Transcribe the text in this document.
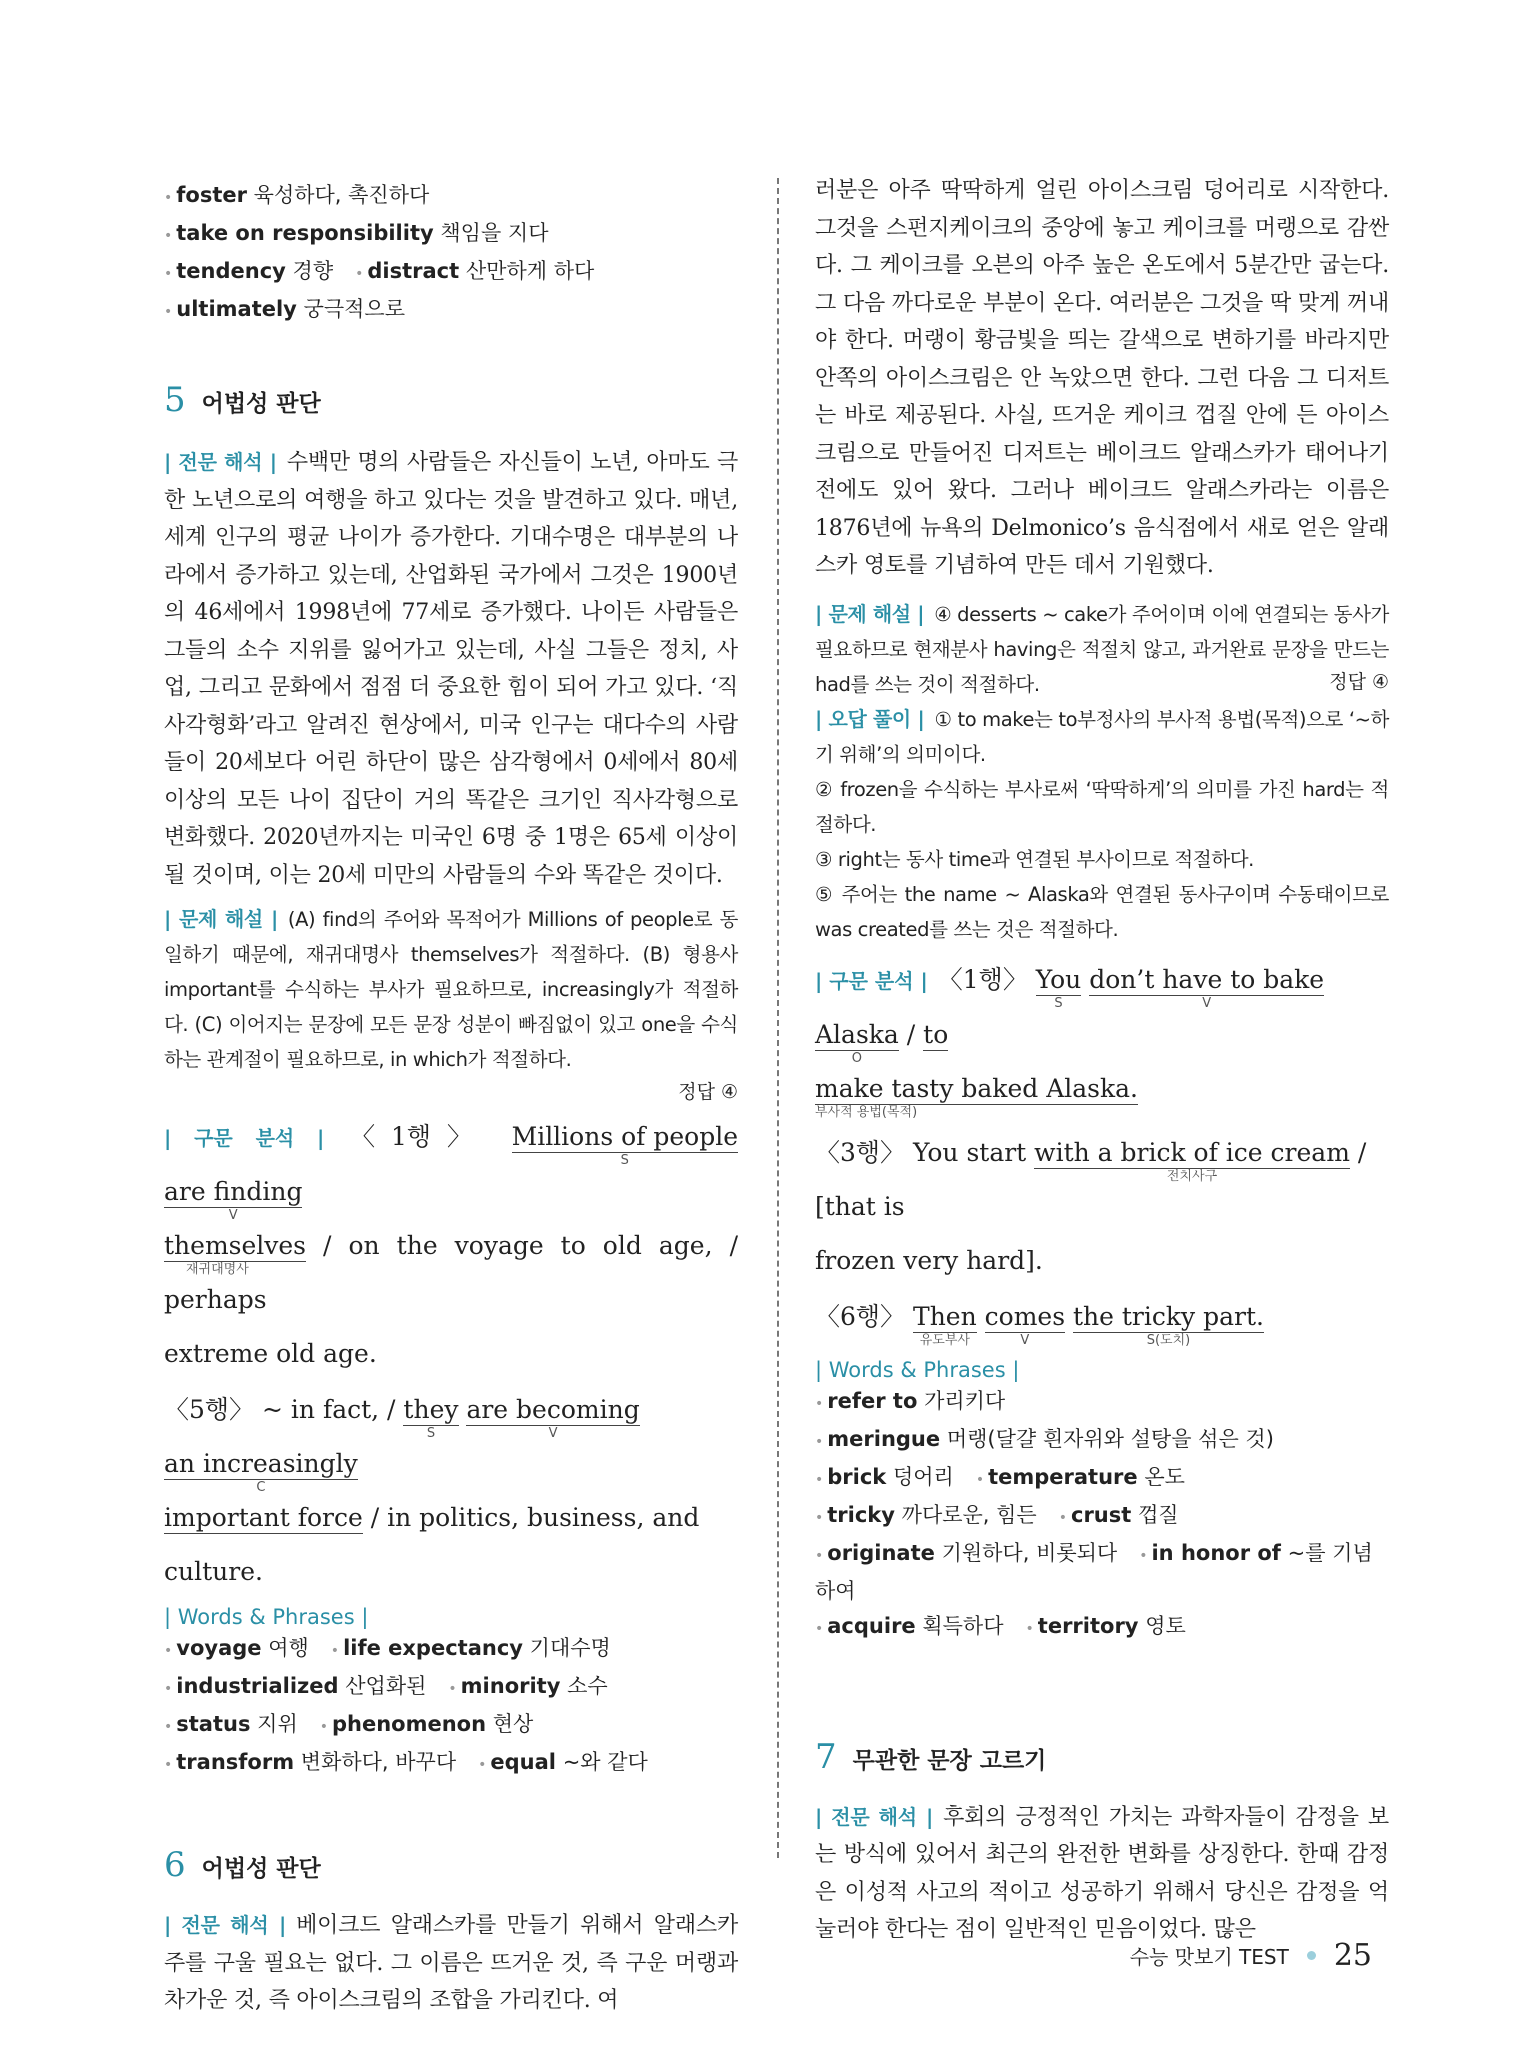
• foster 육성하다, 촉진하다
• take on responsibility 책임을 지다
• tendency 경향 • distract 산만하게 하다
• ultimately 궁극적으로
5 어법성 판단
| 전문 해석 | 수백만 명의 사람들은 자신들이 노년, 아마도 극한 노년으로의 여행을 하고 있다는 것을 발견하고 있다. 매년, 세계 인구의 평균 나이가 증가한다. 기대수명은 대부분의 나라에서 증가하고 있는데, 산업화된 국가에서 그것은 1900년의 46세에서 1998년에 77세로 증가했다. 나이든 사람들은 그들의 소수 지위를 잃어가고 있는데, 사실 그들은 정치, 사업, 그리고 문화에서 점점 더 중요한 힘이 되어 가고 있다. ‘직사각형화’라고 알려진 현상에서, 미국 인구는 대다수의 사람들이 20세보다 어린 하단이 많은 삼각형에서 0세에서 80세 이상의 모든 나이 집단이 거의 똑같은 크기인 직사각형으로 변화했다. 2020년까지는 미국인 6명 중 1명은 65세 이상이 될 것이며, 이는 20세 미만의 사람들의 수와 똑같은 것이다.
| 문제 해설 | (A) find의 주어와 목적어가 Millions of people로 동일하기 때문에, 재귀대명사 themselves가 적절하다. (B) 형용사 important를 수식하는 부사가 필요하므로, increasingly가 적절하다. (C) 이어지는 문장에 모든 문장 성분이 빠짐없이 있고 one을 수식하는 관계절이 필요하므로, in which가 적절하다.
정답 ④
| 구문 분석 | 〈1행〉 Millions of people
S
are finding
V

themselves
재귀대명사
/ on the voyage to old age, / perhaps
extreme old age.
〈5행〉 ~ in fact, / they
S
are becoming
V
an increasingly
C

important force / in politics, business, and culture.
| Words & Phrases |
• voyage 여행 • life expectancy 기대수명
• industrialized 산업화된 • minority 소수
• status 지위 • phenomenon 현상
• transform 변화하다, 바꾸다 • equal ~와 같다
6 어법성 판단
| 전문 해석 | 베이크드 알래스카를 만들기 위해서 알래스카 주를 구울 필요는 없다. 그 이름은 뜨거운 것, 즉 구운 머랭과 차가운 것, 즉 아이스크림의 조합을 가리킨다. 여
러분은 아주 딱딱하게 얼린 아이스크림 덩어리로 시작한다. 그것을 스펀지케이크의 중앙에 놓고 케이크를 머랭으로 감싼다. 그 케이크를 오븐의 아주 높은 온도에서 5분간만 굽는다. 그 다음 까다로운 부분이 온다. 여러분은 그것을 딱 맞게 꺼내야 한다. 머랭이 황금빛을 띄는 갈색으로 변하기를 바라지만 안쪽의 아이스크림은 안 녹았으면 한다. 그런 다음 그 디저트는 바로 제공된다. 사실, 뜨거운 케이크 껍질 안에 든 아이스크림으로 만들어진 디저트는 베이크드 알래스카가 태어나기 전에도 있어 왔다. 그러나 베이크드 알래스카라는 이름은 1876년에 뉴욕의 Delmonico’s 음식점에서 새로 얻은 알래스카 영토를 기념하여 만든 데서 기원했다.
| 문제 해설 | ④ desserts ~ cake가 주어이며 이에 연결되는 동사가 필요하므로 현재분사 having은 적절치 않고, 과거완료 문장을 만드는 had를 쓰는 것이 적절하다.	정답 ④
| 오답 풀이 | ① to make는 to부정사의 부사적 용법(목적)으로 ‘~하기 위해’의 의미이다.
② frozen을 수식하는 부사로써 ‘딱딱하게’의 의미를 가진 hard는 적절하다.
③ right는 동사 time과 연결된 부사이므로 적절하다.
⑤ 주어는 the name ~ Alaska와 연결된 동사구이며 수동태이므로 was created를 쓰는 것은 적절하다.
| 구문 분석 | 〈1행〉 You
S
don’t have to bake
V
Alaska
O
/ to
make tasty baked Alaska.
부사적 용법(목적)
〈3행〉 You start with a brick of ice cream
전치사구
/ [that is
frozen very hard].
〈6행〉 Then
유도부사
comes
V
the tricky part.
S(도치)
| Words & Phrases |
• refer to 가리키다
• meringue 머랭(달걀 흰자위와 설탕을 섞은 것)
• brick 덩어리 • temperature 온도
• tricky 까다로운, 힘든 • crust 껍질
• originate 기원하다, 비롯되다 • in honor of ~를 기념하여
• acquire 획득하다 • territory 영토
7 무관한 문장 고르기
| 전문 해석 | 후회의 긍정적인 가치는 과학자들이 감정을 보는 방식에 있어서 최근의 완전한 변화를 상징한다. 한때 감정은 이성적 사고의 적이고 성공하기 위해서 당신은 감정을 억눌러야 한다는 점이 일반적인 믿음이었다. 많은
수능 맛보기 TEST 25
